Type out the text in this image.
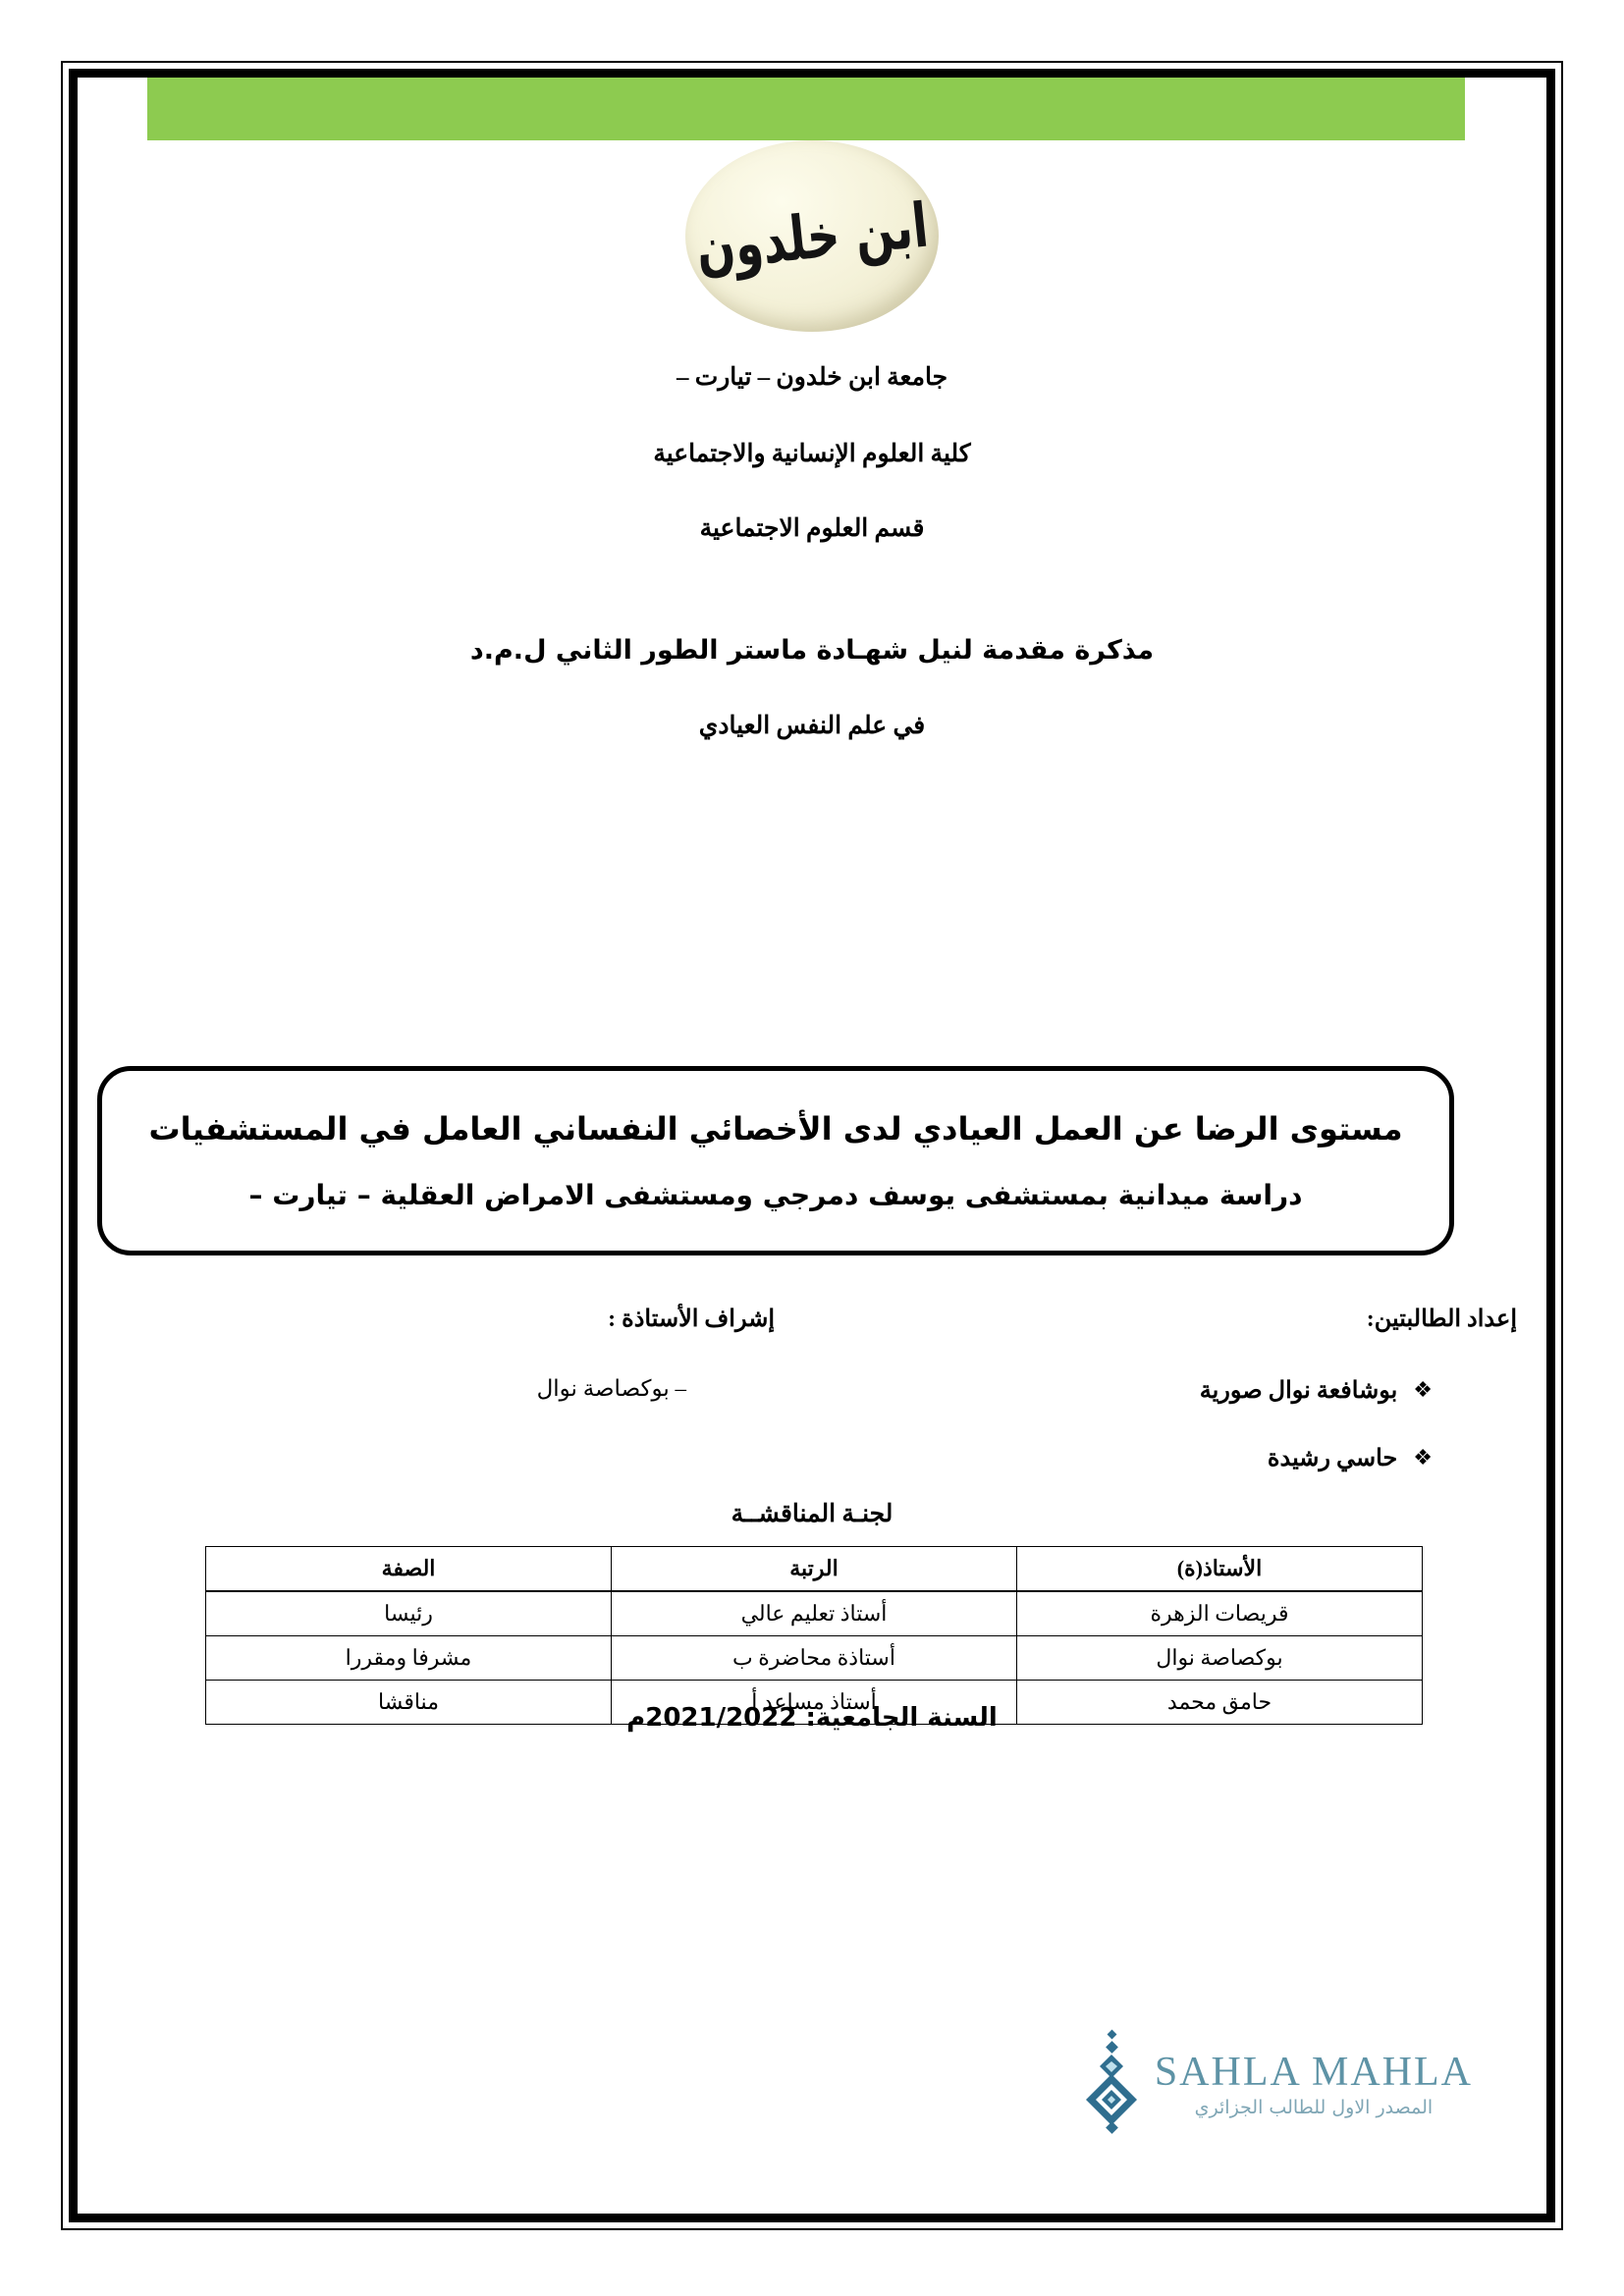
ابن خلدون
جامعة ابن خلدون – تيارت –
كلية العلوم الإنسانية والاجتماعية
قسم العلوم الاجتماعية
مذكرة مقدمة لنيل شهـادة ماستر الطور الثاني ل.م.د
في علم النفس العيادي
مستوى الرضا عن العمل العيادي لدى الأخصائي النفساني العامل في المستشفيات
دراسة ميدانية بمستشفى يوسف دمرجي ومستشفى الامراض العقلية – تيارت –
إعداد الطالبتين:
❖
بوشافعة نوال صورية
❖
حاسي رشيدة
إشراف الأستاذة :
– بوكصاصة نوال
لجنـة المناقشــة
الأستاذ(ة)	الرتبة	الصفة
قريصات الزهرة	أستاذ تعليم عالي	رئيسا
بوكصاصة نوال	أستاذة محاضرة ب	مشرفا ومقررا
حامق محمد	أستاذ مساعد أ	مناقشا
السنة الجامعية: 2021/2022م
SAHLA MAHLA
المصدر الاول للطالب الجزائري
